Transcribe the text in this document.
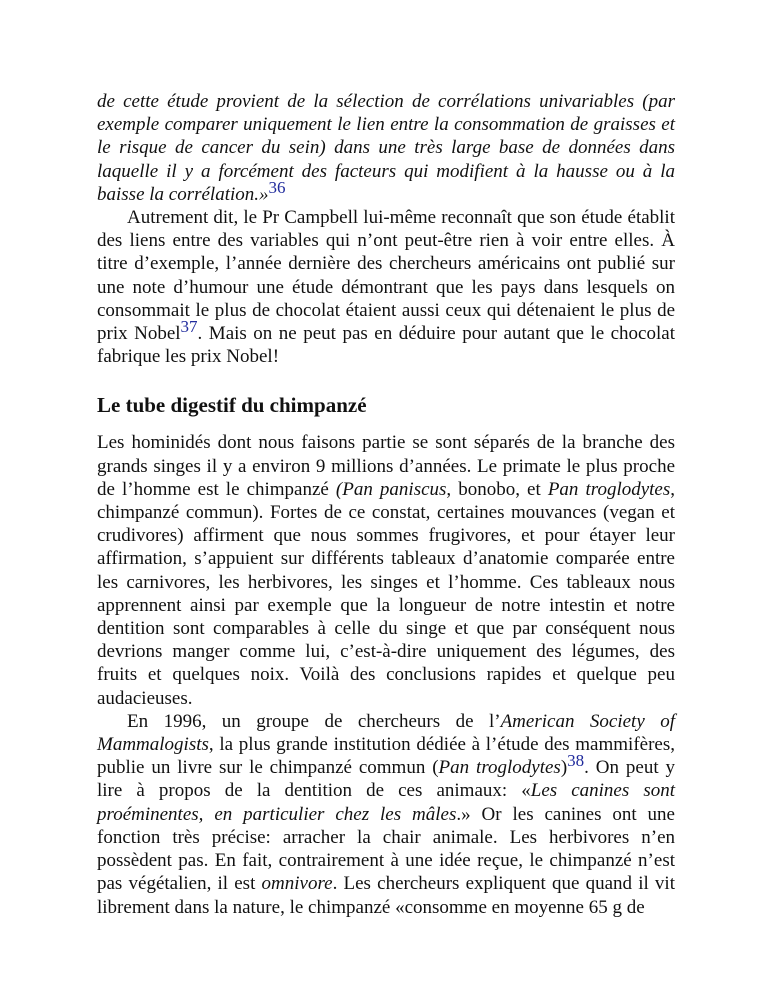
de cette étude provient de la sélection de corrélations univariables (par exemple comparer uniquement le lien entre la consommation de graisses et le risque de cancer du sein) dans une très large base de données dans laquelle il y a forcément des facteurs qui modifient à la hausse ou à la baisse la corrélation.»$^{36}$

Autrement dit, le Pr Campbell lui-même reconnaît que son étude établit des liens entre des variables qui n’ont peut-être rien à voir entre elles. À titre d’exemple, l’année dernière des chercheurs américains ont publié sur une note d’humour une étude démontrant que les pays dans lesquels on consommait le plus de chocolat étaient aussi ceux qui détenaient le plus de prix Nobel$^{37}$. Mais on ne peut pas en déduire pour autant que le chocolat fabrique les prix Nobel!

Le tube digestif du chimpanzé

Les hominidés dont nous faisons partie se sont séparés de la branche des grands singes il y a environ 9 millions d’années. Le primate le plus proche de l’homme est le chimpanzé (Pan paniscus, bonobo, et Pan troglodytes, chimpanzé commun). Fortes de ce constat, certaines mouvances (vegan et crudivores) affirment que nous sommes frugivores, et pour étayer leur affirmation, s’appuient sur différents tableaux d’anatomie comparée entre les carnivores, les herbivores, les singes et l’homme. Ces tableaux nous apprennent ainsi par exemple que la longueur de notre intestin et notre dentition sont comparables à celle du singe et que par conséquent nous devrions manger comme lui, c’est-à-dire uniquement des légumes, des fruits et quelques noix. Voilà des conclusions rapides et quelque peu audacieuses.

En 1996, un groupe de chercheurs de l’American Society of Mammalogists, la plus grande institution dédiée à l’étude des mammifères, publie un livre sur le chimpanzé commun (Pan troglodytes)$^{38}$. On peut y lire à propos de la dentition de ces animaux: «Les canines sont proéminentes, en particulier chez les mâles.» Or les canines ont une fonction très précise: arracher la chair animale. Les herbivores n’en possèdent pas. En fait, contrairement à une idée reçue, le chimpanzé n’est pas végétalien, il est omnivore. Les chercheurs expliquent que quand il vit librement dans la nature, le chimpanzé «consomme en moyenne 65 g de
